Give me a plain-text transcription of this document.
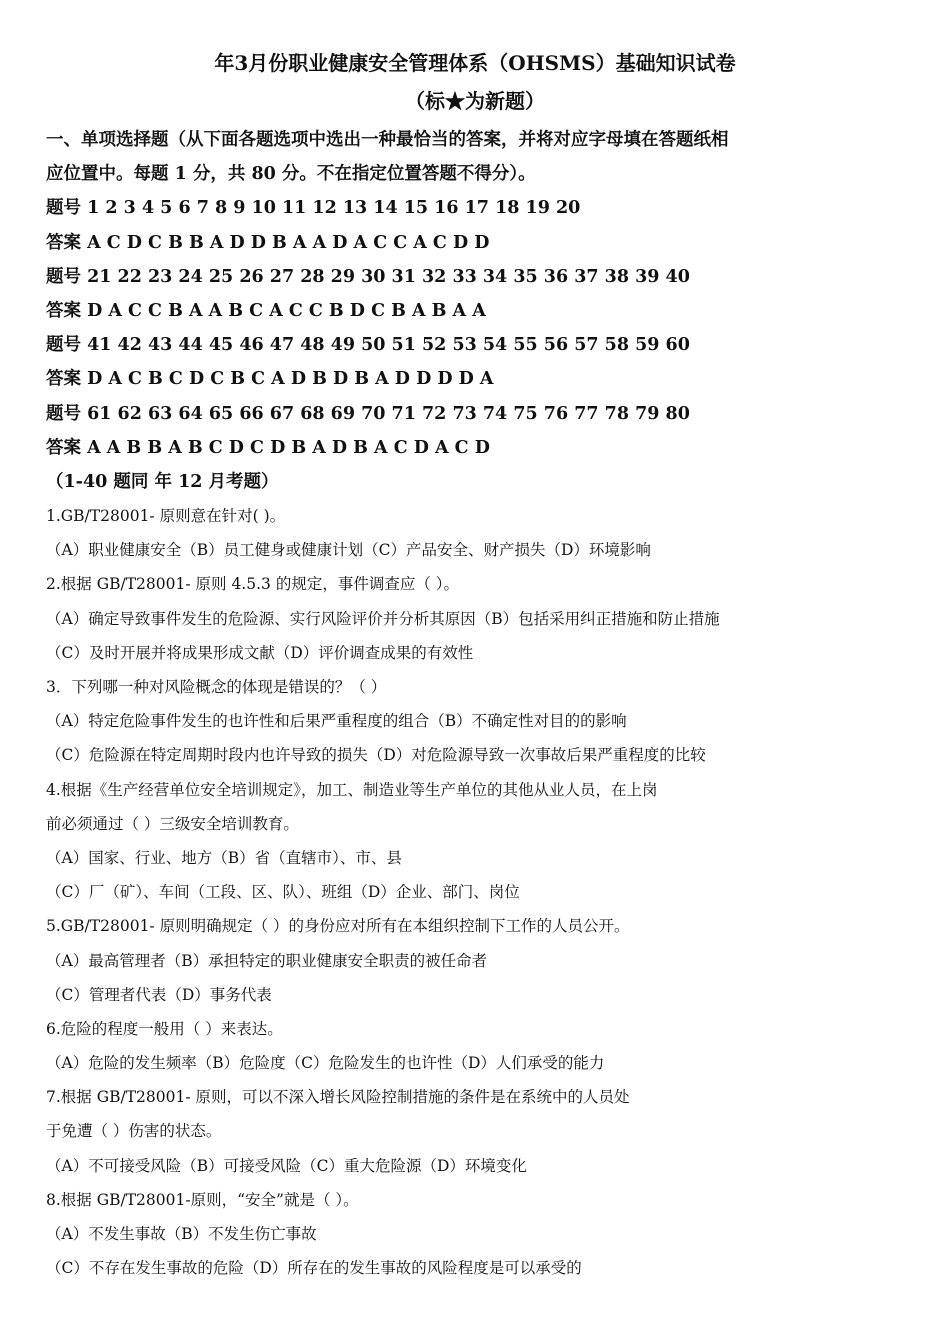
年3月份职业健康安全管理体系（OHSMS）基础知识试卷
（标★为新题）
一、单项选择题（从下面各题选项中选出一种最恰当的答案，并将对应字母填在答题纸相
应位置中。每题 1 分，共 80 分。不在指定位置答题不得分）。
题号 1 2 3 4 5 6 7 8 9 10 11 12 13 14 15 16 17 18 19 20
答案 A C D C B B A D D B A A D A C C A C D D
题号 21 22 23 24 25 26 27 28 29 30 31 32 33 34 35 36 37 38 39 40
答案 D A C C B A A B C A C C B D C B A B A A
题号 41 42 43 44 45 46 47 48 49 50 51 52 53 54 55 56 57 58 59 60
答案 D A C B C D C B C A D B D B A D D D D A
题号 61 62 63 64 65 66 67 68 69 70 71 72 73 74 75 76 77 78 79 80
答案 A A B B A B C D C D B A D B A C D A C D
（1-40 题同 年 12 月考题）
1.GB/T28001- 原则意在针对( )。
（A）职业健康安全（B）员工健身或健康计划（C）产品安全、财产损失（D）环境影响
2.根据 GB/T28001- 原则 4.5.3 的规定，事件调查应（ ）。
（A）确定导致事件发生的危险源、实行风险评价并分析其原因（B）包括采用纠正措施和防止措施
（C）及时开展并将成果形成文献（D）评价调查成果的有效性
3．下列哪一种对风险概念的体现是错误的？（ ）
（A）特定危险事件发生的也许性和后果严重程度的组合（B）不确定性对目的的影响
（C）危险源在特定周期时段内也许导致的损失（D）对危险源导致一次事故后果严重程度的比较
4.根据《生产经营单位安全培训规定》，加工、制造业等生产单位的其他从业人员，在上岗
前必须通过（ ）三级安全培训教育。
（A）国家、行业、地方（B）省（直辖市）、市、县
（C）厂（矿）、车间（工段、区、队）、班组（D）企业、部门、岗位
5.GB/T28001- 原则明确规定（ ）的身份应对所有在本组织控制下工作的人员公开。
（A）最高管理者（B）承担特定的职业健康安全职责的被任命者
（C）管理者代表（D）事务代表
6.危险的程度一般用（ ）来表达。
（A）危险的发生频率（B）危险度（C）危险发生的也许性（D）人们承受的能力
7.根据 GB/T28001- 原则，可以不深入增长风险控制措施的条件是在系统中的人员处
于免遭（ ）伤害的状态。
（A）不可接受风险（B）可接受风险（C）重大危险源（D）环境变化
8.根据 GB/T28001-原则，“安全”就是（ ）。
（A）不发生事故（B）不发生伤亡事故
（C）不存在发生事故的危险（D）所存在的发生事故的风险程度是可以承受的
